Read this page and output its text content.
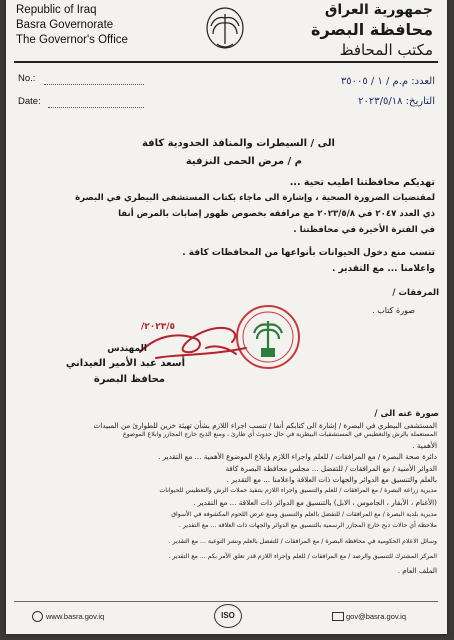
Republic of Iraq
Basra Governorate
The Governor's Office
جمهورية العراق
محافظة البصرة
مكتب المحافظ
No.:
Date:
العدد: م.م / ١ / ٣٥٠٠٥
التاريخ: ٢٠٢٣/٥/١٨
الى / السيطرات والمنافذ الحدودية كافة
م / مرض الحمى النزفية
تهديكم محافظتنا اطيب تحية ...
لمقتضيات الضرورة الصحية ، وإشارة الى ماجاء بكتاب المستشفى البيطري في البصرة
ذي العدد ٢٠٤٧ في ٢٠٢٣/٥/٨ مع مرافقه بخصوص ظهور إصابات بالمرض أنفا
في الفترة الأخيرة في محافظتنا .
تنسب منع دخول الحيوانات بأنواعها من المحافظات كافة .
واعلامنا ... مع التقدير .
المرفقات /
صورة كتاب .
٢٠٢٣/٥/
المهندس
أسعد عبد الأمير العيداني
محافظ البصرة
صورة عنه الى /
المستشفى البيطري في البصرة / إشارة الى كتابكم أنفا / تنسب اجراء اللازم بشأن تهيئة خزين للطوارئ من المبيدات
المستعملة بالرش والتغطيس في المستشفيات البيطرية في حال حدوث أي طارئ ، ومنع الذبح خارج المجازر وابلاغ الموضوع
الأهمية .
دائرة صحة البصرة / مع المرافقات / للعلم واجراء اللازم وابلاغ الموضوع الأهمية ... مع التقدير .
الدوائر الأمنية / مع المرافقات / للتفضل ... مجلس محافظة البصرة كافة
بالعلم والتنسيق مع الدوائر والجهات ذات العلاقة واعلامنا ... مع التقدير .
مديرية زراعة البصرة / مع المرافقات / للعلم والتنسيق واجراء اللازم بتنفيذ حملات الرش والتغطيس للحيوانات
(الأغنام ، الأبقار ، الجاموس ، الابل) بالتنسيق مع الدوائر ذات العلاقة ... مع التقدير .
مديرية بلدية البصرة / مع المرافقات / للتفضل بالعلم والتنسيق ومنع عرض اللحوم المكشوفة في الأسواق
ملاحظة أي حالات ذبح خارج المجازر الرسمية بالتنسيق مع الدوائر والجهات ذات العلاقة ... مع التقدير .
وسائل الاعلام الحكومية في محافظة البصرة / مع المرافقات / للتفضل بالعلم ونشر التوعية ... مع التقدير .
المركز المشترك للتنسيق والرصد / مع المرافقات / للعلم وإجراء اللازم قدر تعلق الأمر بكم ... مع التقدير .
الملف العام .
www.basra.gov.iq	ISO	gov@basra.gov.iq
